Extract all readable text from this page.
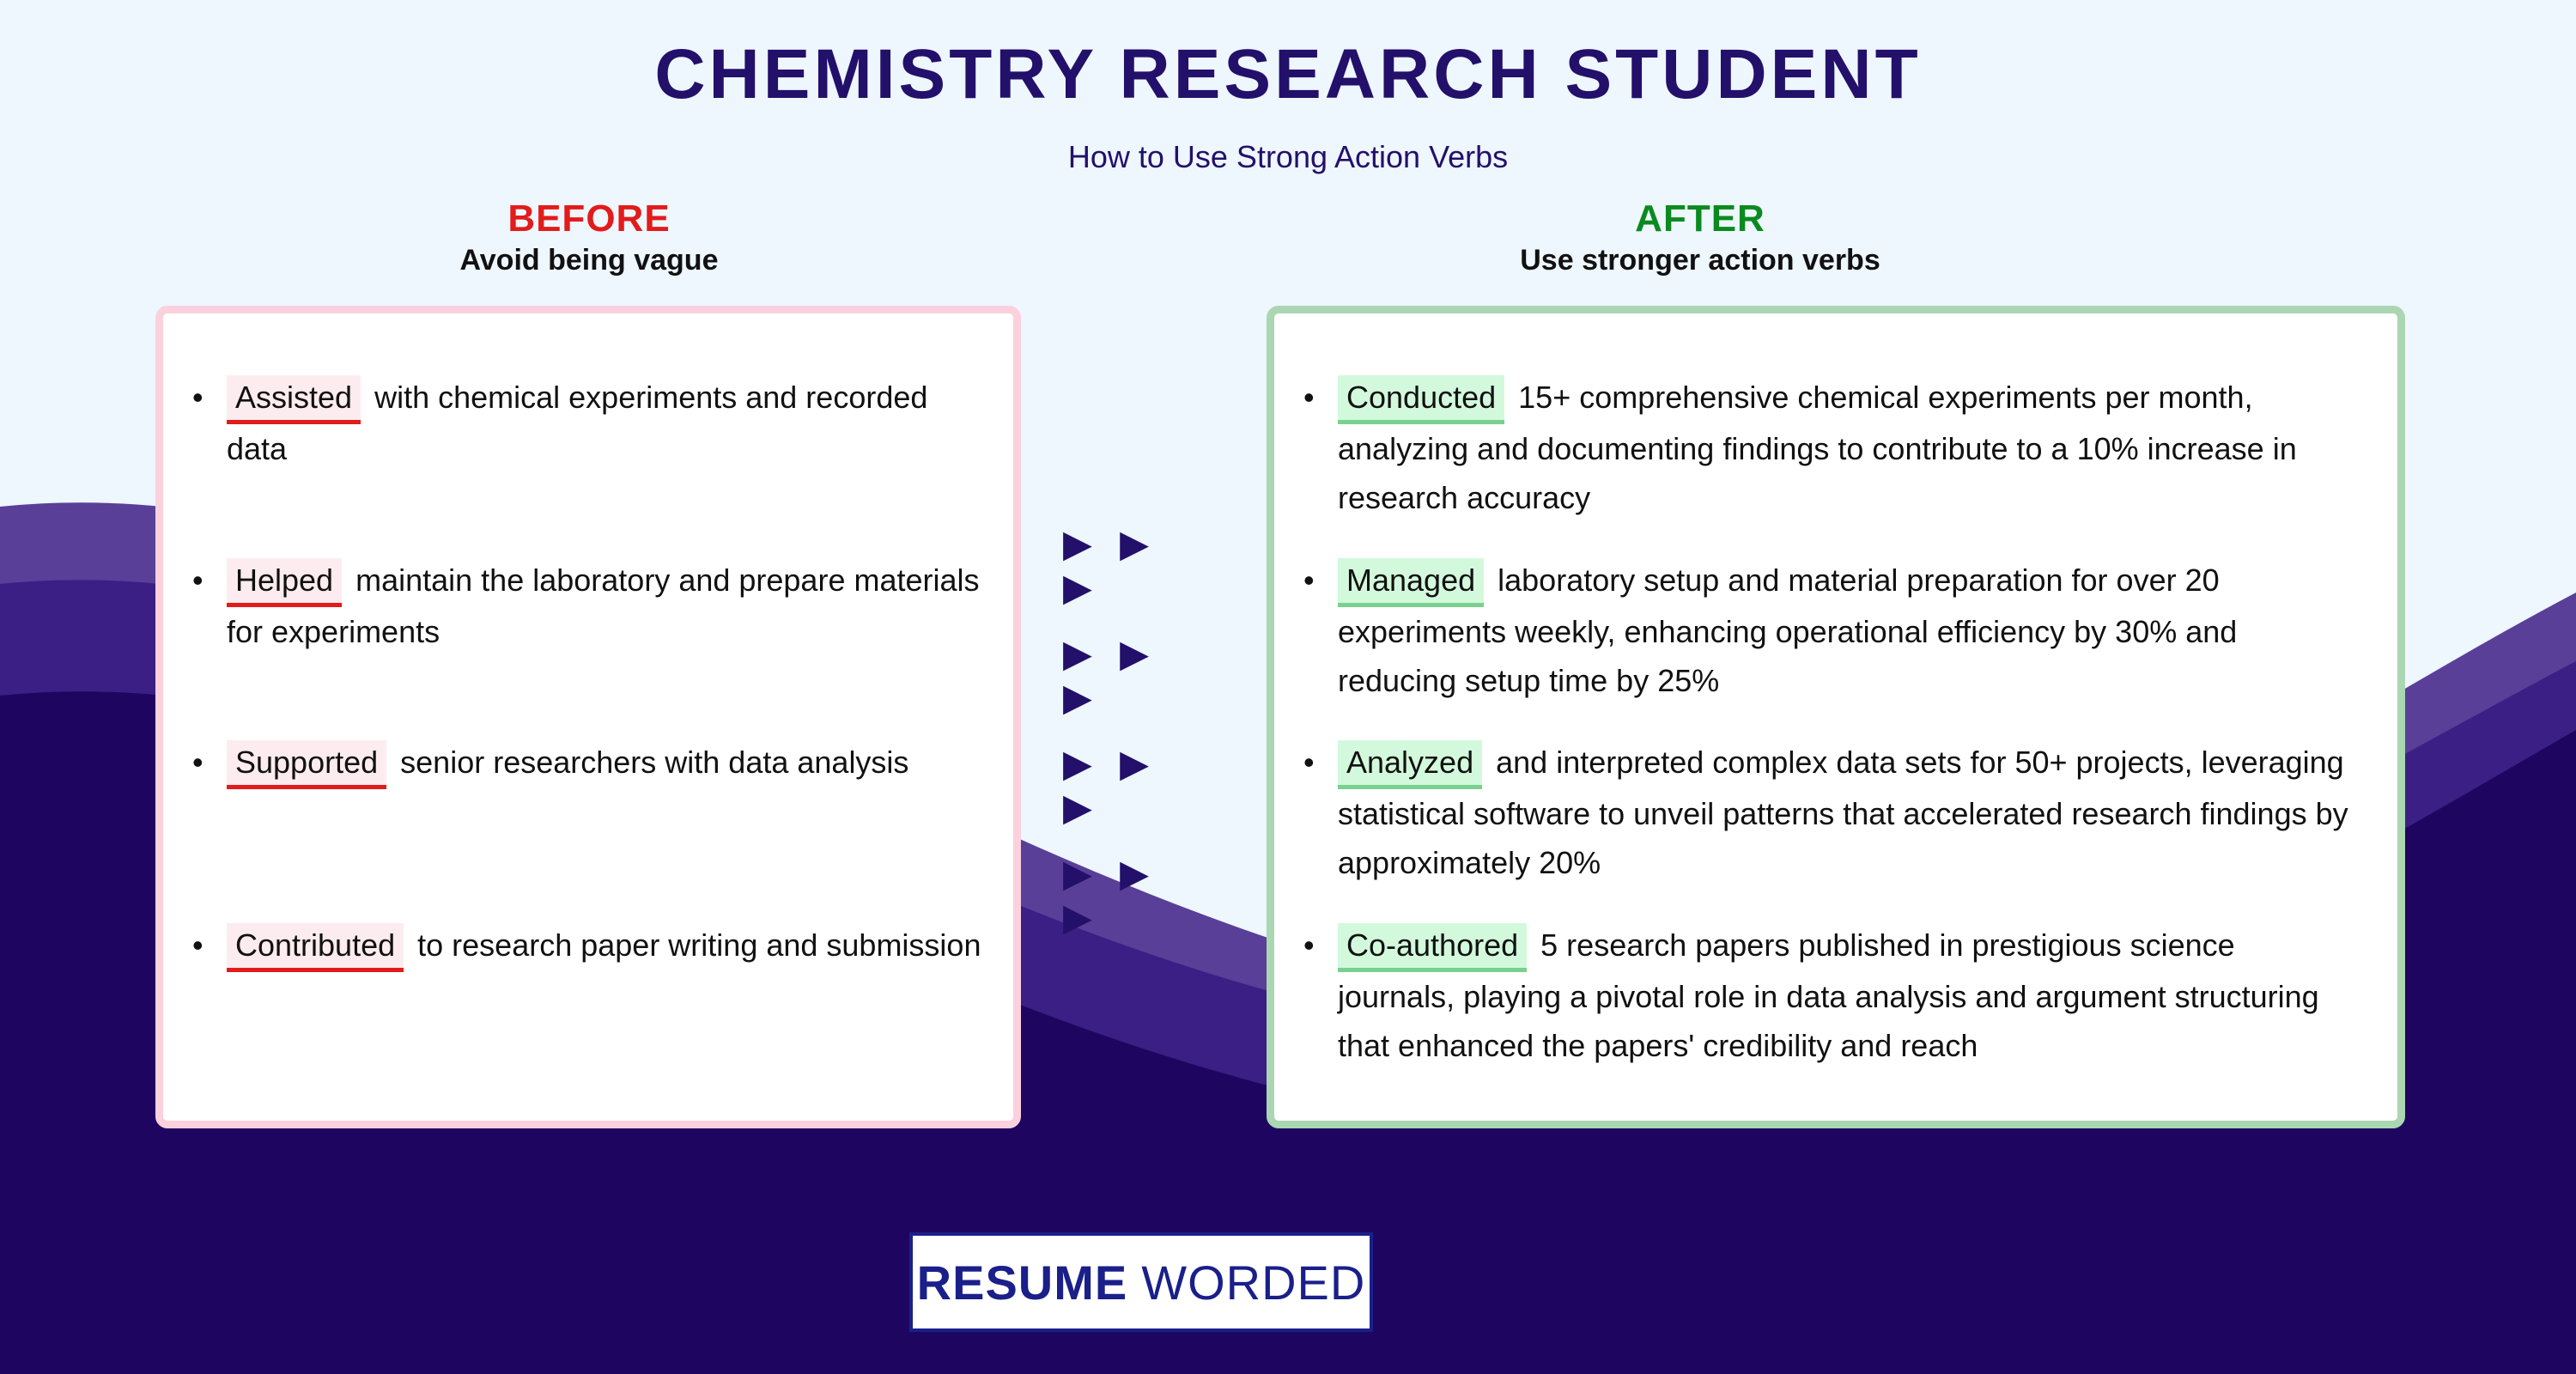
CHEMISTRY RESEARCH STUDENT
How to Use Strong Action Verbs
BEFORE
Avoid being vague
AFTER
Use stronger action verbs
• Assisted with chemical experiments and recorded data
• Helped maintain the laboratory and prepare materials for experiments
• Supported senior researchers with data analysis
• Contributed to research paper writing and submission
▶ ▶ ▶
▶ ▶ ▶
▶ ▶ ▶
▶ ▶ ▶
• Conducted 15+ comprehensive chemical experiments per month, analyzing and documenting findings to contribute to a 10% increase in research accuracy
• Managed laboratory setup and material preparation for over 20 experiments weekly, enhancing operational efficiency by 30% and reducing setup time by 25%
• Analyzed and interpreted complex data sets for 50+ projects, leveraging statistical software to unveil patterns that accelerated research findings by approximately 20%
• Co-authored 5 research papers published in prestigious science journals, playing a pivotal role in data analysis and argument structuring that enhanced the papers' credibility and reach
RESUME WORDED
